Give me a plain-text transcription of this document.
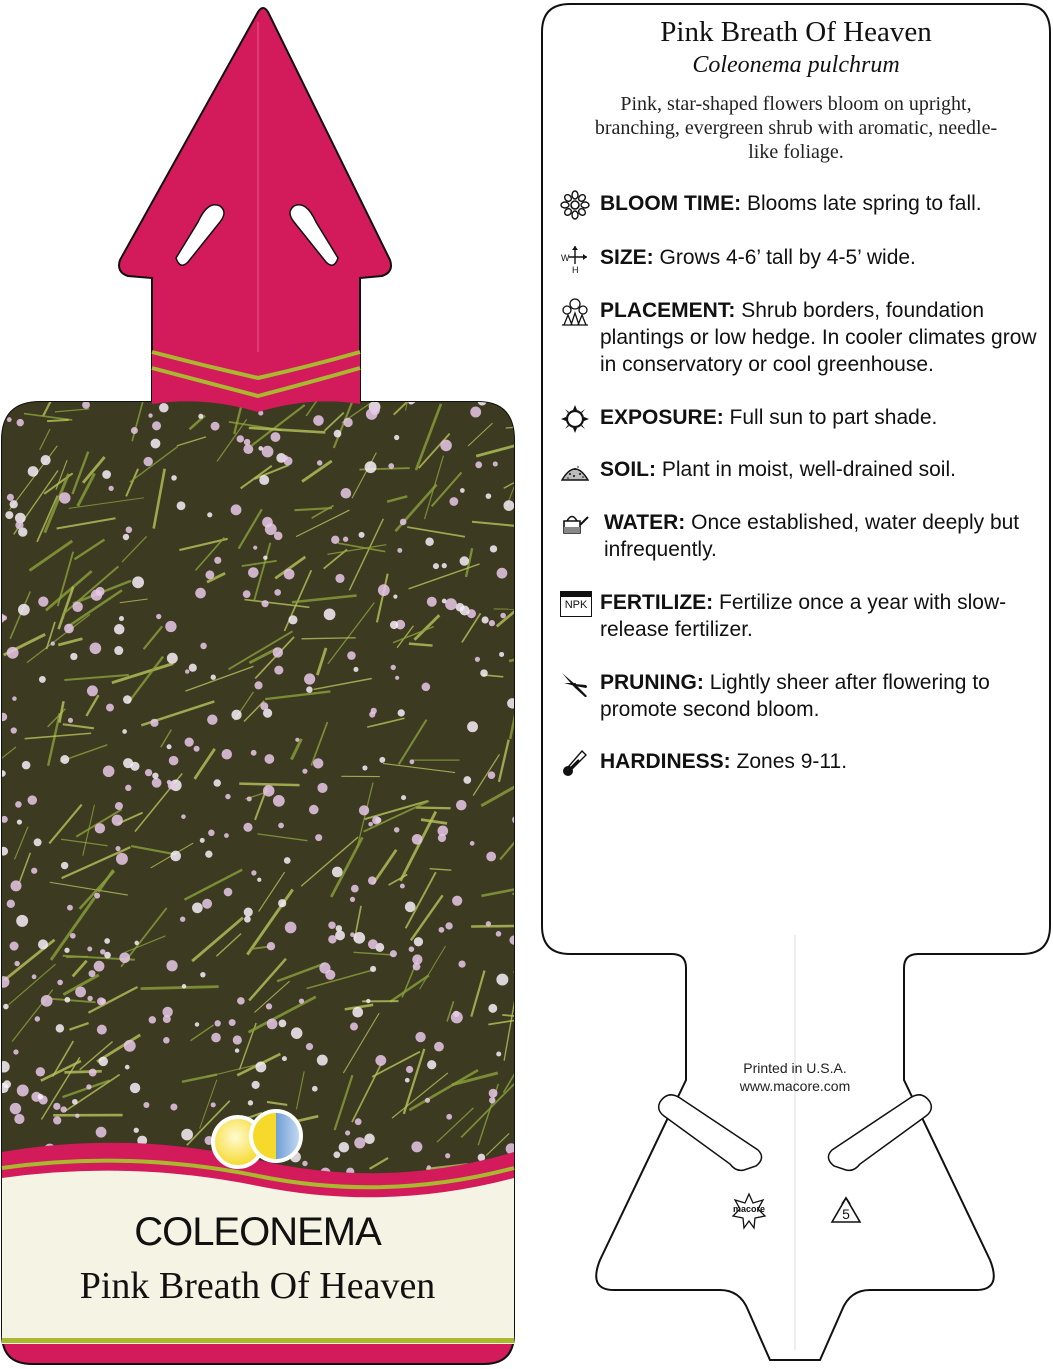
COLEONEMA
Pink Breath Of Heaven
Pink Breath Of Heaven
Coleonema pulchrum
Pink, star-shaped flowers bloom on upright, branching, evergreen shrub with aromatic, needle-like foliage.
BLOOM TIME: Blooms late spring to fall.
W
H
SIZE: Grows 4-6’ tall by 4-5’ wide.
PLACEMENT: Shrub borders, foundation plantings or low hedge. In cooler climates grow in conservatory or cool greenhouse.
EXPOSURE: Full sun to part shade.
SOIL: Plant in moist, well-drained soil.
WATER: Once established, water deeply but infrequently.
NPK FERTILIZE: Fertilize once a year with slow-release fertilizer.
PRUNING: Lightly sheer after flowering to promote second bloom.
HARDINESS: Zones 9-11.
Printed in U.S.A.
www.macore.com
macore	5
